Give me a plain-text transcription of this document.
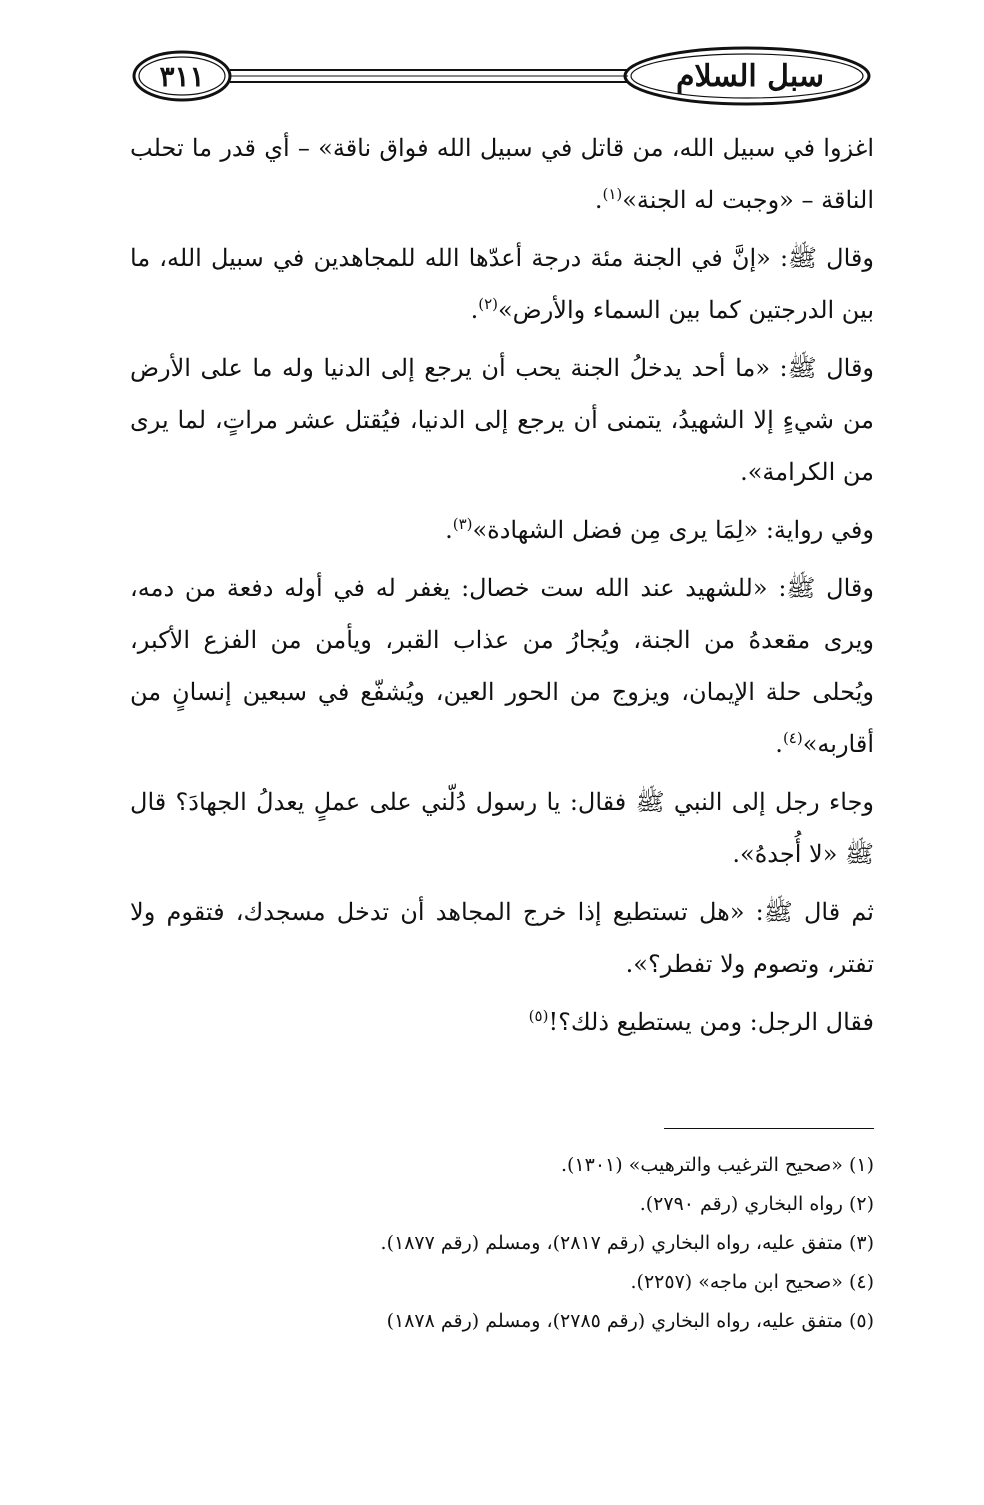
٣١١	سبل السلام

اغزوا في سبيل الله، من قاتل في سبيل الله فواق ناقة» – أي قدر ما تحلب الناقة – «وجبت له الجنة»$^{(١)}$.

وقال ﷺ: «إنَّ في الجنة مئة درجة أعدّها الله للمجاهدين في سبيل الله، ما بين الدرجتين كما بين السماء والأرض»$^{(٢)}$.

وقال ﷺ: «ما أحد يدخلُ الجنة يحب أن يرجع إلى الدنيا وله ما على الأرض من شيءٍ إلا الشهيدُ، يتمنى أن يرجع إلى الدنيا، فيُقتل عشر مراتٍ، لما يرى من الكرامة».

وفي رواية: «لِمَا يرى مِن فضل الشهادة»$^{(٣)}$.

وقال ﷺ: «للشهيد عند الله ست خصال: يغفر له في أوله دفعة من دمه، ويرى مقعدهُ من الجنة، ويُجارُ من عذاب القبر، ويأمن من الفزع الأكبر، ويُحلى حلة الإيمان، ويزوج من الحور العين، ويُشفّع في سبعين إنسانٍ من أقاربه»$^{(٤)}$.

وجاء رجل إلى النبي ﷺ فقال: يا رسول دُلّني على عملٍ يعدلُ الجهادَ؟ قال ﷺ «لا أُجدهُ».

ثم قال ﷺ: «هل تستطيع إذا خرج المجاهد أن تدخل مسجدك، فتقوم ولا تفتر، وتصوم ولا تفطر؟».

فقال الرجل: ومن يستطيع ذلك؟!$^{(٥)}$

(١) «صحيح الترغيب والترهيب» (١٣٠١).

(٢) رواه البخاري (رقم ٢٧٩٠).

(٣) متفق عليه، رواه البخاري (رقم ٢٨١٧)، ومسلم (رقم ١٨٧٧).

(٤) «صحيح ابن ماجه» (٢٢٥٧).

(٥) متفق عليه، رواه البخاري (رقم ٢٧٨٥)، ومسلم (رقم ١٨٧٨)
